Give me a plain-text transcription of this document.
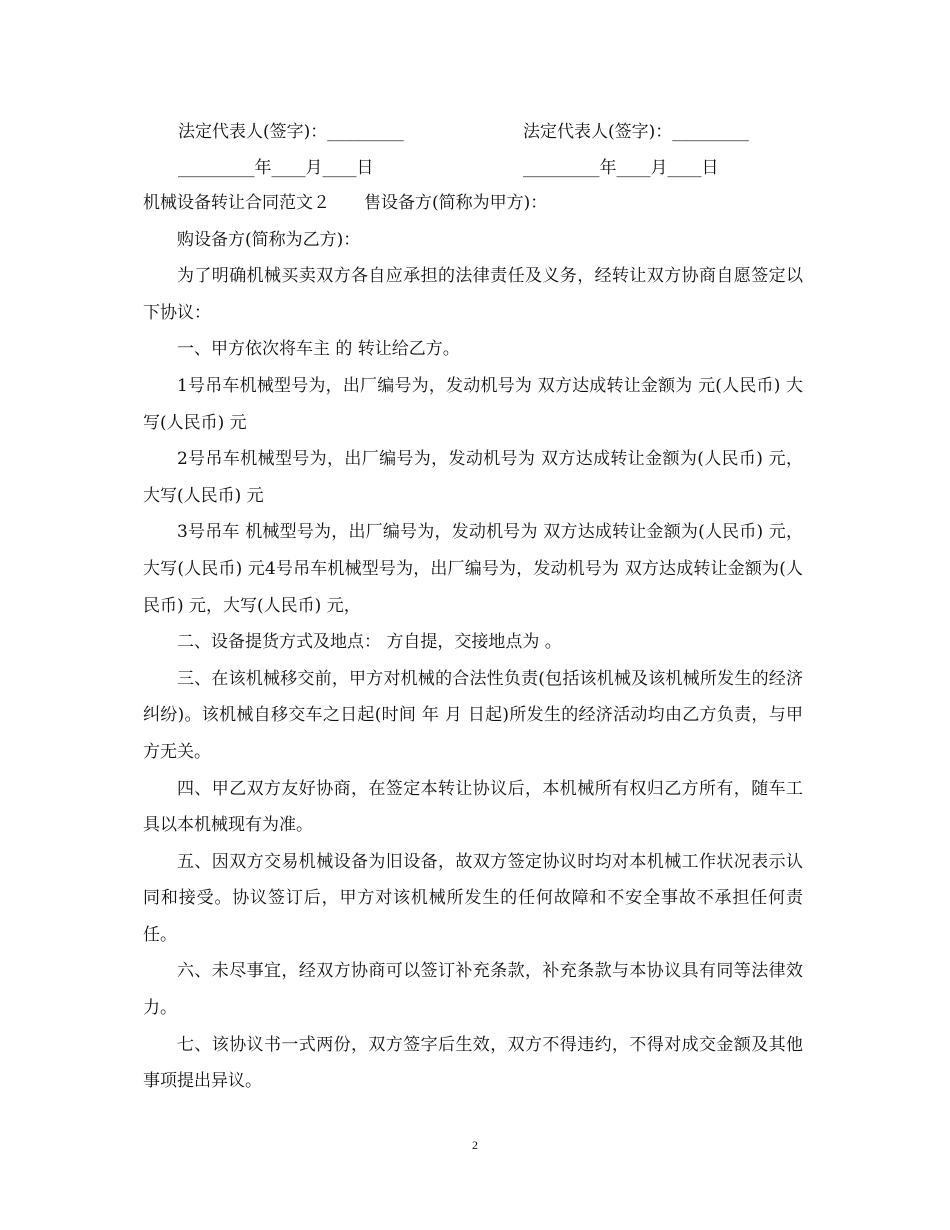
法定代表人(签字)：_________	法定代表人(签字)：_________
_________年____月____日	_________年____月____日

机械设备转让合同范文２ 售设备方(简称为甲方)：

购设备方(简称为乙方)：

为了明确机械买卖双方各自应承担的法律责任及义务，经转让双方协商自愿签定以下协议：

一、甲方依次将车主 的 转让给乙方。

1号吊车机械型号为，出厂编号为，发动机号为 双方达成转让金额为 元(人民币) 大写(人民币) 元

2号吊车机械型号为，出厂编号为，发动机号为 双方达成转让金额为(人民币) 元，大写(人民币) 元

3号吊车 机械型号为，出厂编号为，发动机号为 双方达成转让金额为(人民币) 元，大写(人民币) 元4号吊车机械型号为，出厂编号为，发动机号为 双方达成转让金额为(人民币) 元，大写(人民币) 元，

二、设备提货方式及地点： 方自提，交接地点为 。

三、在该机械移交前，甲方对机械的合法性负责(包括该机械及该机械所发生的经济纠纷)。该机械自移交车之日起(时间 年 月 日起)所发生的经济活动均由乙方负责，与甲方无关。

四、甲乙双方友好协商，在签定本转让协议后，本机械所有权归乙方所有，随车工具以本机械现有为准。

五、因双方交易机械设备为旧设备，故双方签定协议时均对本机械工作状况表示认同和接受。协议签订后，甲方对该机械所发生的任何故障和不安全事故不承担任何责任。

六、未尽事宜，经双方协商可以签订补充条款，补充条款与本协议具有同等法律效力。

七、该协议书一式两份，双方签字后生效，双方不得违约，不得对成交金额及其他事项提出异议。

2
